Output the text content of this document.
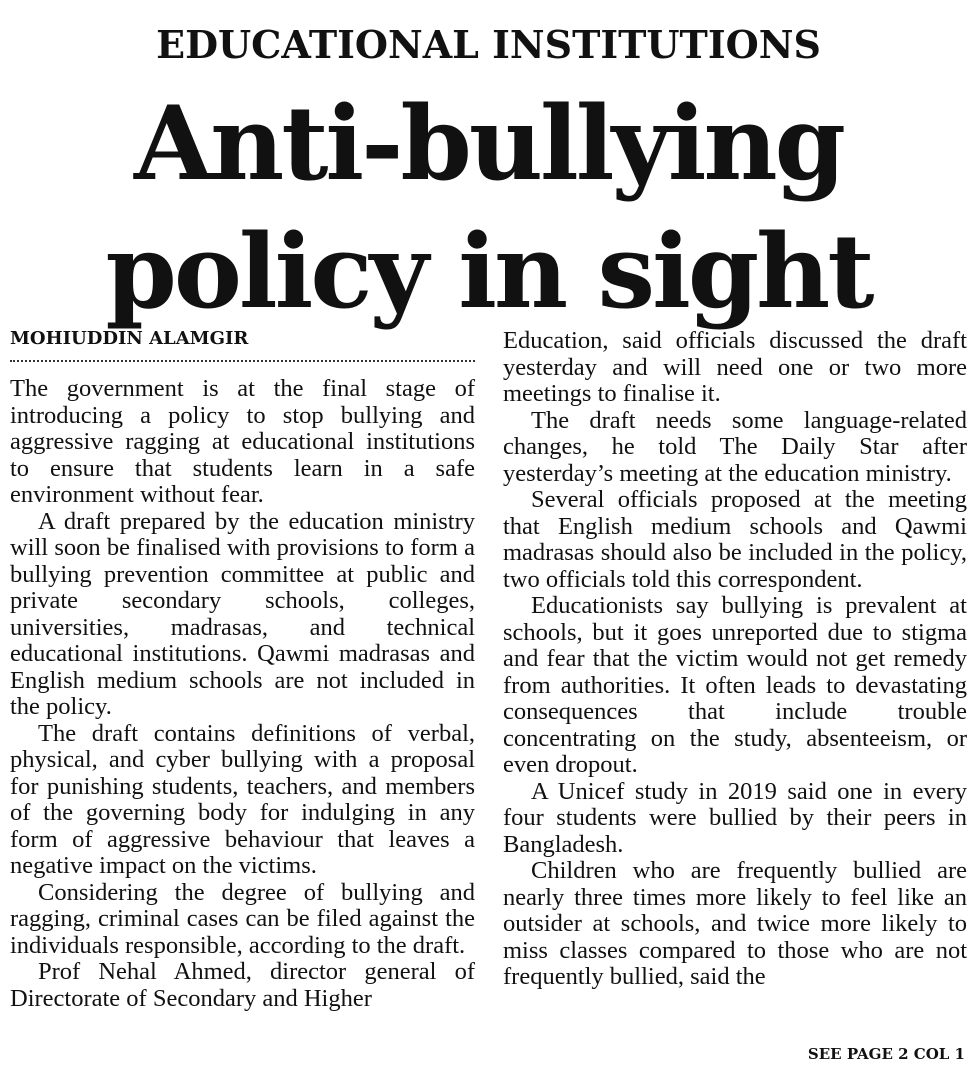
EDUCATIONAL INSTITUTIONS
Anti-bullying
policy in sight
MOHIUDDIN ALAMGIR

The government is at the final stage of introducing a policy to stop bullying and aggressive ragging at educational institutions to ensure that students learn in a safe environment without fear.

A draft prepared by the education ministry will soon be finalised with provisions to form a bullying prevention committee at public and private secondary schools, colleges, universities, madrasas, and technical educational institutions. Qawmi madrasas and English medium schools are not included in the policy.

The draft contains definitions of verbal, physical, and cyber bullying with a proposal for punishing students, teachers, and members of the governing body for indulging in any form of aggressive behaviour that leaves a negative impact on the victims.

Considering the degree of bullying and ragging, criminal cases can be filed against the individuals responsible, according to the draft.

Prof Nehal Ahmed, director general of Directorate of Secondary and Higher

Education, said officials discussed the draft yesterday and will need one or two more meetings to finalise it.

The draft needs some language-related changes, he told The Daily Star after yesterday’s meeting at the education ministry.

Several officials proposed at the meeting that English medium schools and Qawmi madrasas should also be included in the policy, two officials told this correspondent.

Educationists say bullying is prevalent at schools, but it goes unreported due to stigma and fear that the victim would not get remedy from authorities. It often leads to devastating consequences that include trouble concentrating on the study, absenteeism, or even dropout.

A Unicef study in 2019 said one in every four students were bullied by their peers in Bangladesh.

Children who are frequently bullied are nearly three times more likely to feel like an outsider at schools, and twice more likely to miss classes compared to those who are not frequently bullied, said the

SEE PAGE 2 COL 1
